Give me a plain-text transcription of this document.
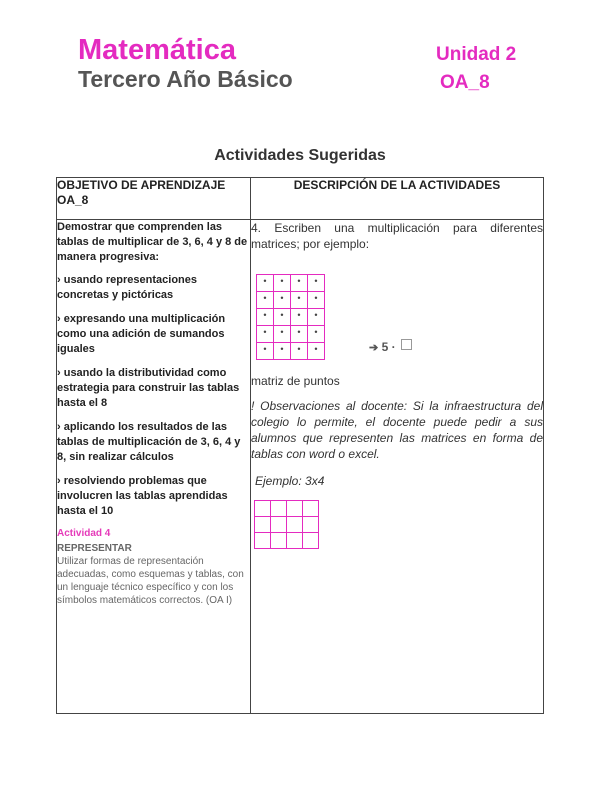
Matemática
Tercero Año Básico
Unidad 2
OA_8
Actividades Sugeridas
OBJETIVO DE APRENDIZAJE OA_8	DESCRIPCIÓN DE LA ACTIVIDADES

Demostrar que comprenden las tablas de multiplicar de 3, 6, 4 y 8 de manera progresiva:

› usando representaciones concretas y pictóricas

› expresando una multiplicación como una adición de sumandos iguales

› usando la distributividad como estrategia para construir las tablas hasta el 8

› aplicando los resultados de las tablas de multiplicación de 3, 6, 4 y 8, sin realizar cálculos

› resolviendo problemas que involucren las tablas aprendidas hasta el 10

Actividad 4
REPRESENTAR
Utilizar formas de representación adecuadas, como esquemas y tablas, con un lenguaje técnico específico y con los símbolos matemáticos correctos. (OA I)

4. Escriben una multiplicación para diferentes matrices; por ejemplo:

•	•	•	•
•	•	•	•
•	•	•	•
•	•	•	•
•	•	•	•	➔ 5 ·

matriz de puntos

! Observaciones al docente: Si la infraestructura del colegio lo permite, el docente puede pedir a sus alumnos que representen las matrices en forma de tablas con word o excel.

Ejemplo: 3x4
